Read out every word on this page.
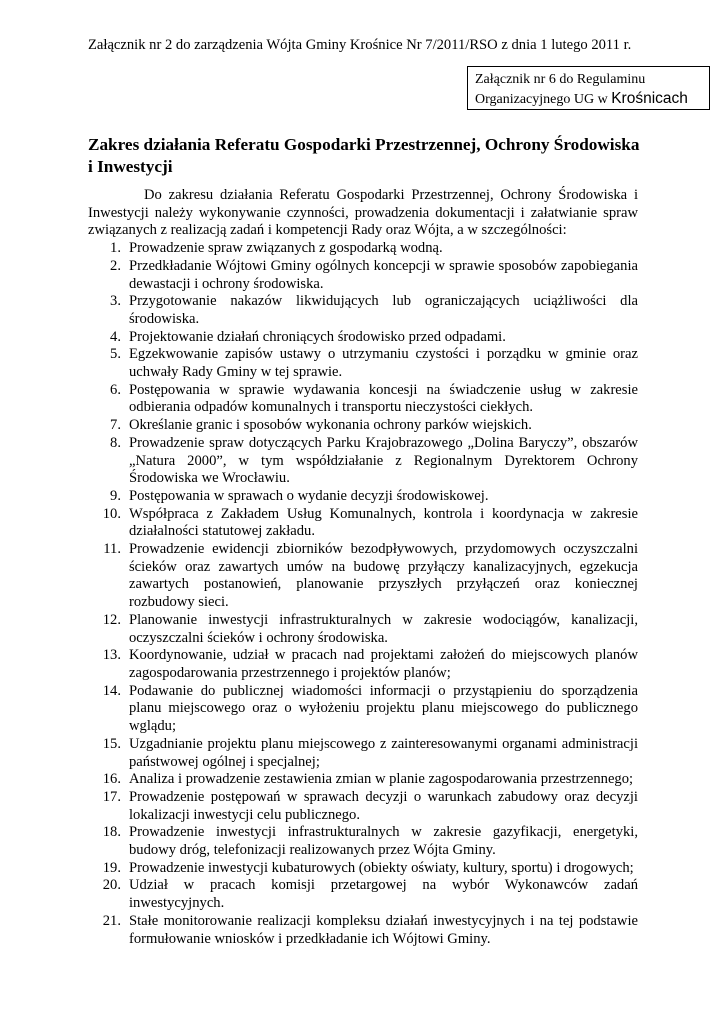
Załącznik nr 2 do zarządzenia Wójta Gminy Krośnice Nr 7/2011/RSO z dnia 1 lutego 2011 r.
Załącznik nr 6 do Regulaminu
Organizacyjnego UG w Krośnicach
Zakres działania Referatu Gospodarki Przestrzennej, Ochrony Środowiska i Inwestycji

Do zakresu działania Referatu Gospodarki Przestrzennej, Ochrony Środowiska i Inwestycji należy wykonywanie czynności, prowadzenia dokumentacji i załatwianie spraw związanych z realizacją zadań i kompetencji Rady oraz Wójta, a w szczególności:

1. Prowadzenie spraw związanych z gospodarką wodną.
2. Przedkładanie Wójtowi Gminy ogólnych koncepcji w sprawie sposobów zapobiegania dewastacji i ochrony środowiska.
3. Przygotowanie nakazów likwidujących lub ograniczających uciążliwości dla środowiska.
4. Projektowanie działań chroniących środowisko przed odpadami.
5. Egzekwowanie zapisów ustawy o utrzymaniu czystości i porządku w gminie oraz uchwały Rady Gminy w tej sprawie.
6. Postępowania w sprawie wydawania koncesji na świadczenie usług w zakresie odbierania odpadów komunalnych i transportu nieczystości ciekłych.
7. Określanie granic i sposobów wykonania ochrony parków wiejskich.
8. Prowadzenie spraw dotyczących Parku Krajobrazowego „Dolina Baryczy”, obszarów „Natura 2000”, w tym współdziałanie z Regionalnym Dyrektorem Ochrony Środowiska we Wrocławiu.
9. Postępowania w sprawach o wydanie decyzji środowiskowej.
10. Współpraca z Zakładem Usług Komunalnych, kontrola i koordynacja w zakresie działalności statutowej zakładu.
11. Prowadzenie ewidencji zbiorników bezodpływowych, przydomowych oczyszczalni ścieków oraz zawartych umów na budowę przyłączy kanalizacyjnych, egzekucja zawartych postanowień, planowanie przyszłych przyłączeń oraz koniecznej rozbudowy sieci.
12. Planowanie inwestycji infrastrukturalnych w zakresie wodociągów, kanalizacji, oczyszczalni ścieków i ochrony środowiska.
13. Koordynowanie, udział w pracach nad projektami założeń do miejscowych planów zagospodarowania przestrzennego i projektów planów;
14. Podawanie do publicznej wiadomości informacji o przystąpieniu do sporządzenia planu miejscowego oraz o wyłożeniu projektu planu miejscowego do publicznego wglądu;
15. Uzgadnianie projektu planu miejscowego z zainteresowanymi organami administracji państwowej ogólnej i specjalnej;
16. Analiza i prowadzenie zestawienia zmian w planie zagospodarowania przestrzennego;
17. Prowadzenie postępowań w sprawach decyzji o warunkach zabudowy oraz decyzji lokalizacji inwestycji celu publicznego.
18. Prowadzenie inwestycji infrastrukturalnych w zakresie gazyfikacji, energetyki, budowy dróg, telefonizacji realizowanych przez Wójta Gminy.
19. Prowadzenie inwestycji kubaturowych (obiekty oświaty, kultury, sportu) i drogowych;
20. Udział w pracach komisji przetargowej na wybór Wykonawców zadań inwestycyjnych.
21. Stałe monitorowanie realizacji kompleksu działań inwestycyjnych i na tej podstawie formułowanie wniosków i przedkładanie ich Wójtowi Gminy.
